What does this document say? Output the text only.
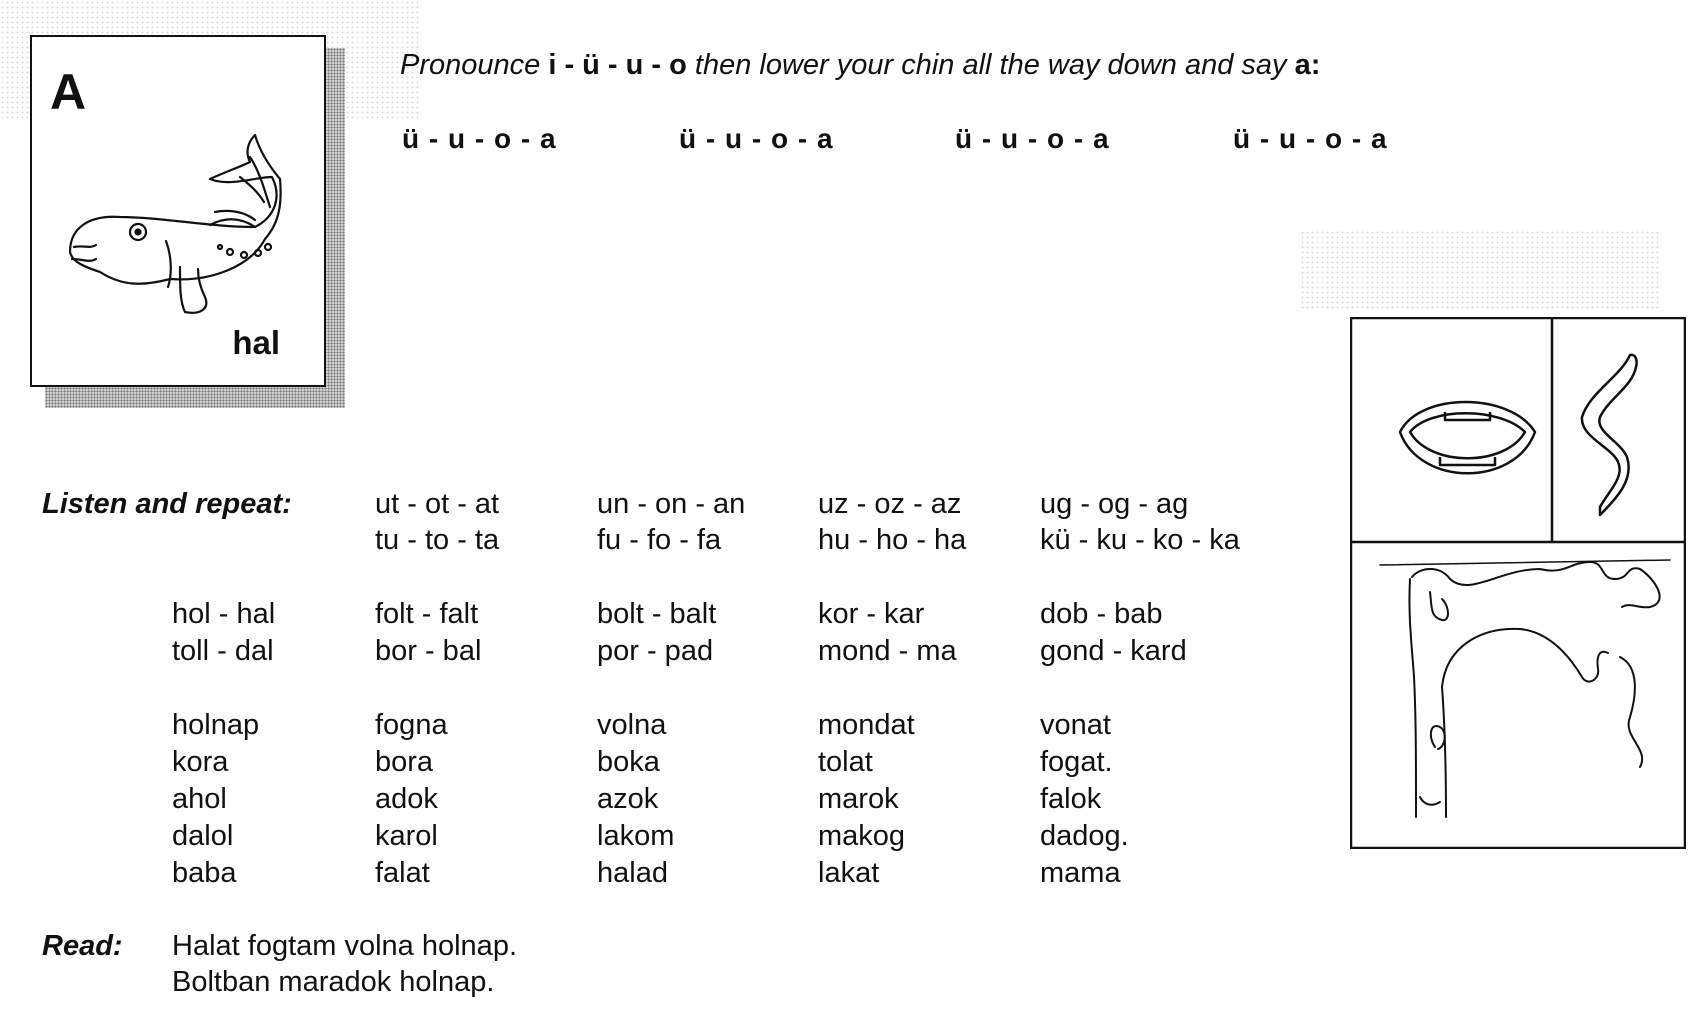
A
hal
Pronounce i - ü - u - o then lower your chin all the way down and say a:
ü - u - o - a	ü - u - o - a	ü - u - o - a	ü - u - o - a
Listen and repeat:	ut - ot - at	un - on - an	uz - oz - az	ug - og - ag
tu - to - ta	fu - fo - fa	hu - ho - ha	kü - ku - ko - ka
hol - hal	folt - falt	bolt - balt	kor - kar	dob - bab
toll - dal	bor - bal	por - pad	mond - ma	gond - kard
holnap	fogna	volna	mondat	vonat
kora	bora	boka	tolat	fogat.
ahol	adok	azok	marok	falok
dalol	karol	lakom	makog	dadog.
baba	falat	halad	lakat	mama
Read: Halat fogtam volna holnap.
Boltban maradok holnap.
